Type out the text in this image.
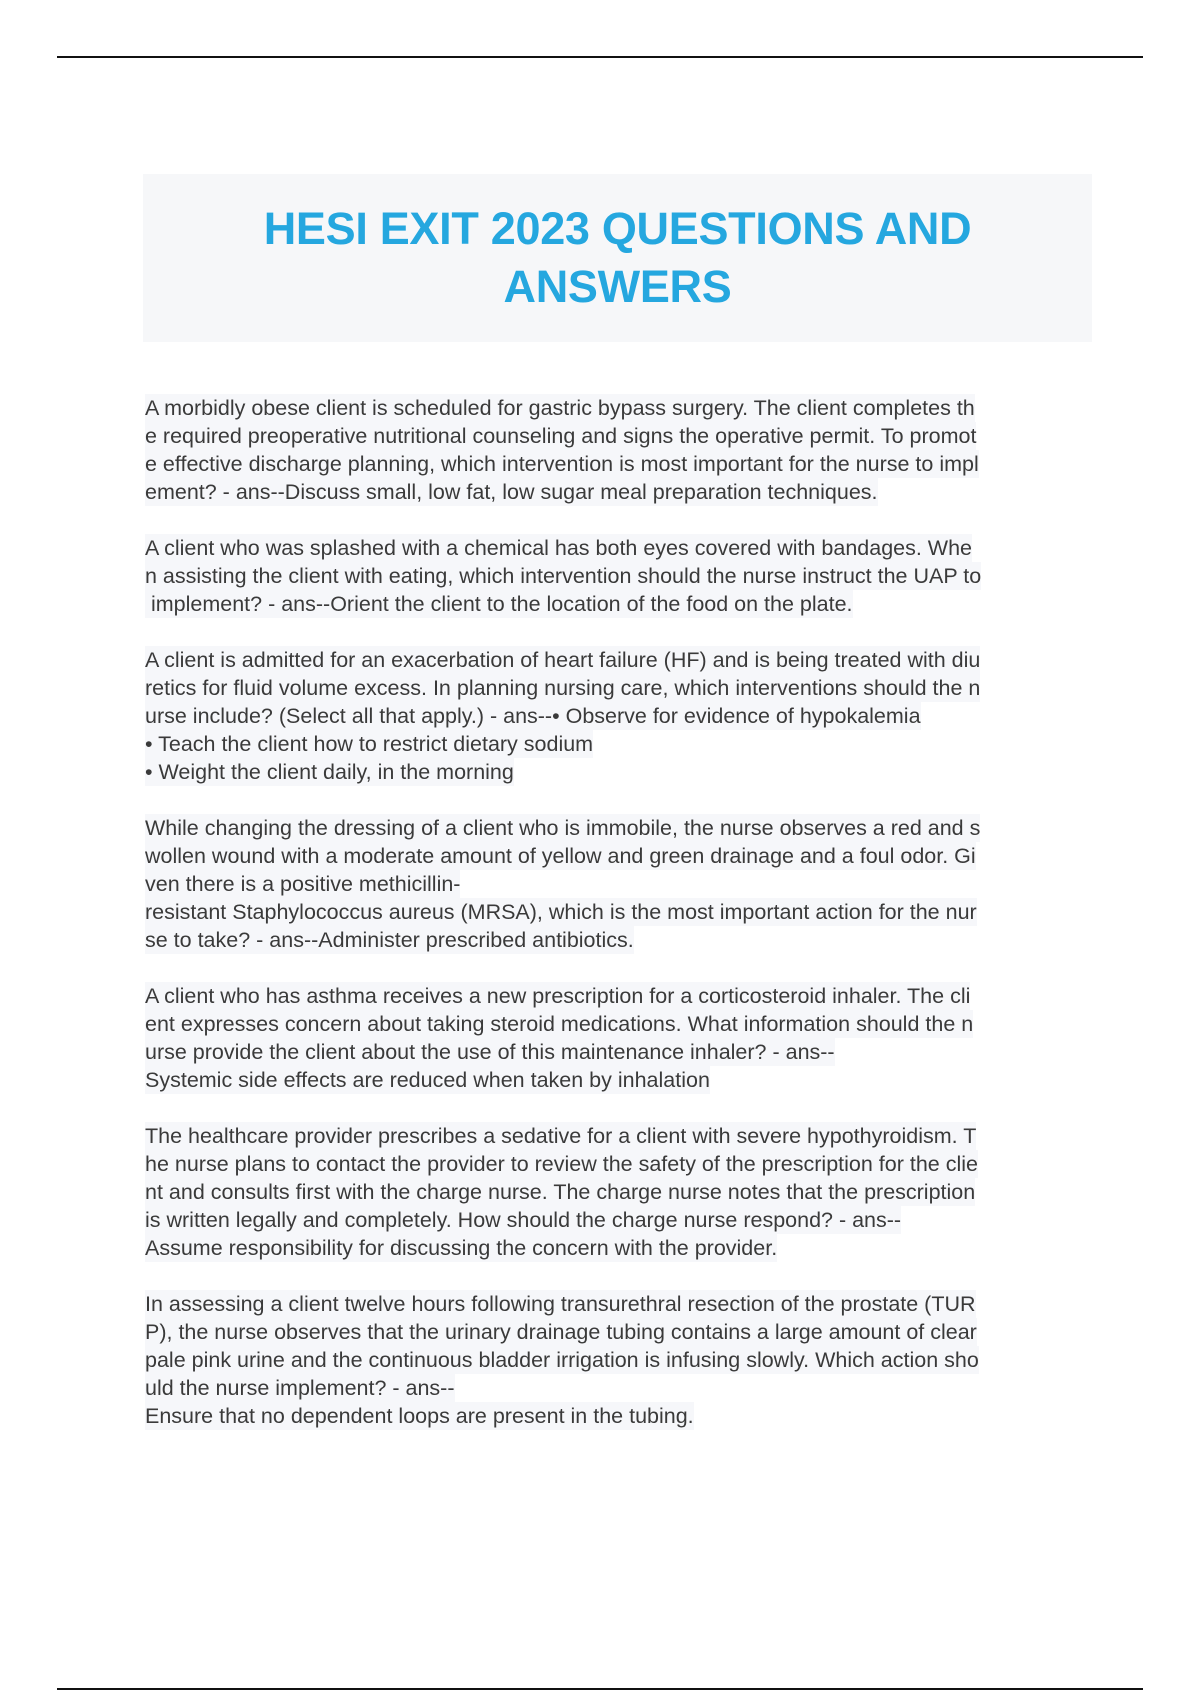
HESI EXIT 2023 QUESTIONS AND ANSWERS
A morbidly obese client is scheduled for gastric bypass surgery. The client completes th
e required preoperative nutritional counseling and signs the operative permit. To promot
e effective discharge planning, which intervention is most important for the nurse to impl
ement? - ans--Discuss small, low fat, low sugar meal preparation techniques.
A client who was splashed with a chemical has both eyes covered with bandages. Whe
n assisting the client with eating, which intervention should the nurse instruct the UAP to
implement? - ans--Orient the client to the location of the food on the plate.
A client is admitted for an exacerbation of heart failure (HF) and is being treated with diu
retics for fluid volume excess. In planning nursing care, which interventions should the n
urse include? (Select all that apply.) - ans--• Observe for evidence of hypokalemia
• Teach the client how to restrict dietary sodium
• Weight the client daily, in the morning
While changing the dressing of a client who is immobile, the nurse observes a red and s
wollen wound with a moderate amount of yellow and green drainage and a foul odor. Gi
ven there is a positive methicillin-
resistant Staphylococcus aureus (MRSA), which is the most important action for the nur
se to take? - ans--Administer prescribed antibiotics.
A client who has asthma receives a new prescription for a corticosteroid inhaler. The cli
ent expresses concern about taking steroid medications. What information should the n
urse provide the client about the use of this maintenance inhaler? - ans--
Systemic side effects are reduced when taken by inhalation
The healthcare provider prescribes a sedative for a client with severe hypothyroidism. T
he nurse plans to contact the provider to review the safety of the prescription for the clie
nt and consults first with the charge nurse. The charge nurse notes that the prescription
is written legally and completely. How should the charge nurse respond? - ans--
Assume responsibility for discussing the concern with the provider.
In assessing a client twelve hours following transurethral resection of the prostate (TUR
P), the nurse observes that the urinary drainage tubing contains a large amount of clear
pale pink urine and the continuous bladder irrigation is infusing slowly. Which action sho
uld the nurse implement? - ans--
Ensure that no dependent loops are present in the tubing.
